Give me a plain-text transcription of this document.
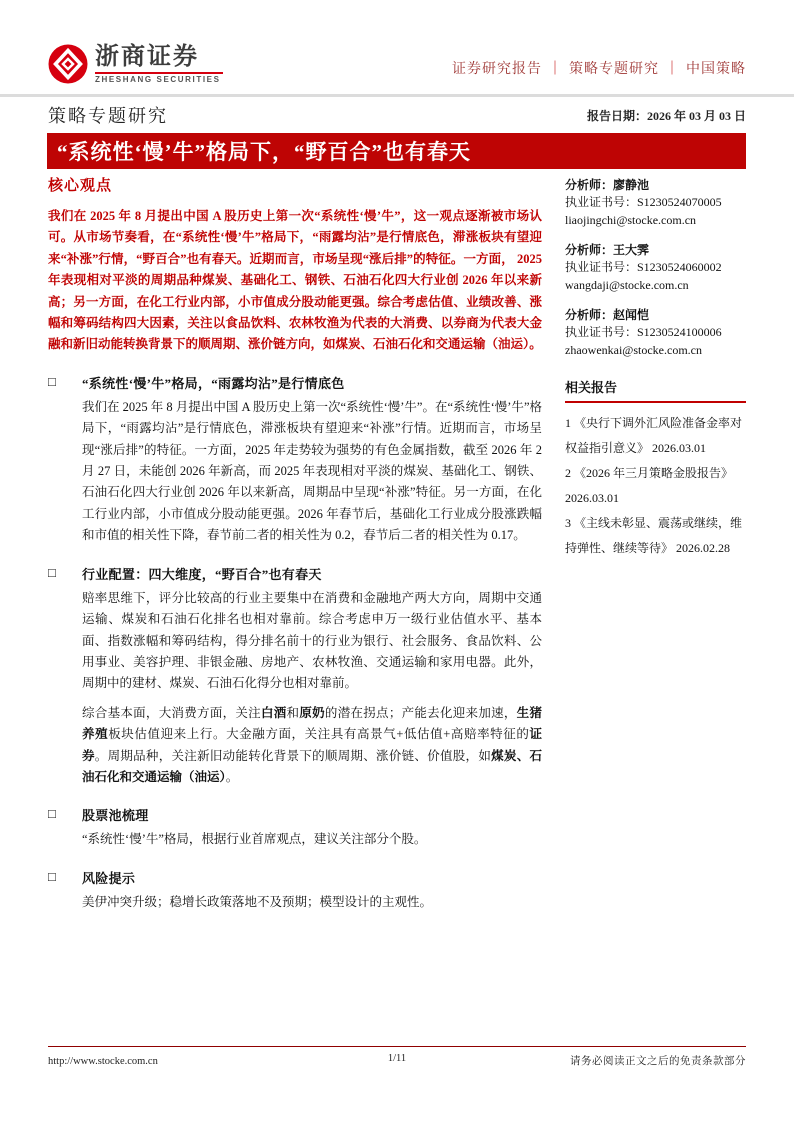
浙商证券
ZHESHANG SECURITIES
证券研究报告 ｜ 策略专题研究 ｜ 中国策略
策略专题研究	报告日期：2026 年 03 月 03 日
“系统性‘慢’牛”格局下，“野百合”也有春天
核心观点

我们在 2025 年 8 月提出中国 A 股历史上第一次“系统性‘慢’牛”，这一观点逐渐被市场认可。从市场节奏看，在“系统性‘慢’牛”格局下，“雨露均沾”是行情底色，滞涨板块有望迎来“补涨”行情，“野百合”也有春天。近期而言，市场呈现“涨后排”的特征。一方面， 2025 年表现相对平淡的周期品种煤炭、基础化工、钢铁、石油石化四大行业创 2026 年以来新高；另一方面，在化工行业内部，小市值成分股动能更强。综合考虑估值、业绩改善、涨幅和筹码结构四大因素，关注以食品饮料、农林牧渔为代表的大消费、以券商为代表大金融和新旧动能转换背景下的顺周期、涨价链方向，如煤炭、石油石化和交通运输（油运）。

□	“系统性‘慢’牛”格局，“雨露均沾”是行情底色

我们在 2025 年 8 月提出中国 A 股历史上第一次“系统性‘慢’牛”。在“系统性‘慢’牛”格局下，“雨露均沾”是行情底色，滞涨板块有望迎来“补涨”行情。近期而言，市场呈现“涨后排”的特征。一方面，2025 年走势较为强势的有色金属指数，截至 2026 年 2 月 27 日，未能创 2026 年新高，而 2025 年表现相对平淡的煤炭、基础化工、钢铁、石油石化四大行业创 2026 年以来新高，周期品中呈现“补涨”特征。另一方面，在化工行业内部，小市值成分股动能更强。2026 年春节后，基础化工行业成分股涨跌幅和市值的相关性下降，春节前二者的相关性为 0.2，春节后二者的相关性为 0.17。

□	行业配置：四大维度，“野百合”也有春天

赔率思维下，评分比较高的行业主要集中在消费和金融地产两大方向，周期中交通运输、煤炭和石油石化排名也相对靠前。综合考虑申万一级行业估值水平、基本面、指数涨幅和筹码结构，得分排名前十的行业为银行、社会服务、食品饮料、公用事业、美容护理、非银金融、房地产、农林牧渔、交通运输和家用电器。此外，周期中的建材、煤炭、石油石化得分也相对靠前。

综合基本面，大消费方面，关注白酒和原奶的潜在拐点；产能去化迎来加速，生猪养殖板块估值迎来上行。大金融方面，关注具有高景气+低估值+高赔率特征的证券。周期品种，关注新旧动能转化背景下的顺周期、涨价链、价值股，如煤炭、石油石化和交通运输（油运）。

□	股票池梳理

“系统性‘慢’牛”格局，根据行业首席观点，建议关注部分个股。

□	风险提示

美伊冲突升级；稳增长政策落地不及预期；模型设计的主观性。

分析师：廖静池
执业证书号：S1230524070005
liaojingchi@stocke.com.cn
分析师：王大霁
执业证书号：S1230524060002
wangdaji@stocke.com.cn
分析师：赵闻恺
执业证书号：S1230524100006
zhaowenkai@stocke.com.cn
相关报告
1 《央行下调外汇风险准备金率对权益指引意义》 2026.03.01
2 《2026 年三月策略金股报告》 2026.03.01
3 《主线未彰显、震荡或继续，维持弹性、继续等待》 2026.02.28
http://www.stocke.com.cn	1/11	请务必阅读正文之后的免责条款部分
